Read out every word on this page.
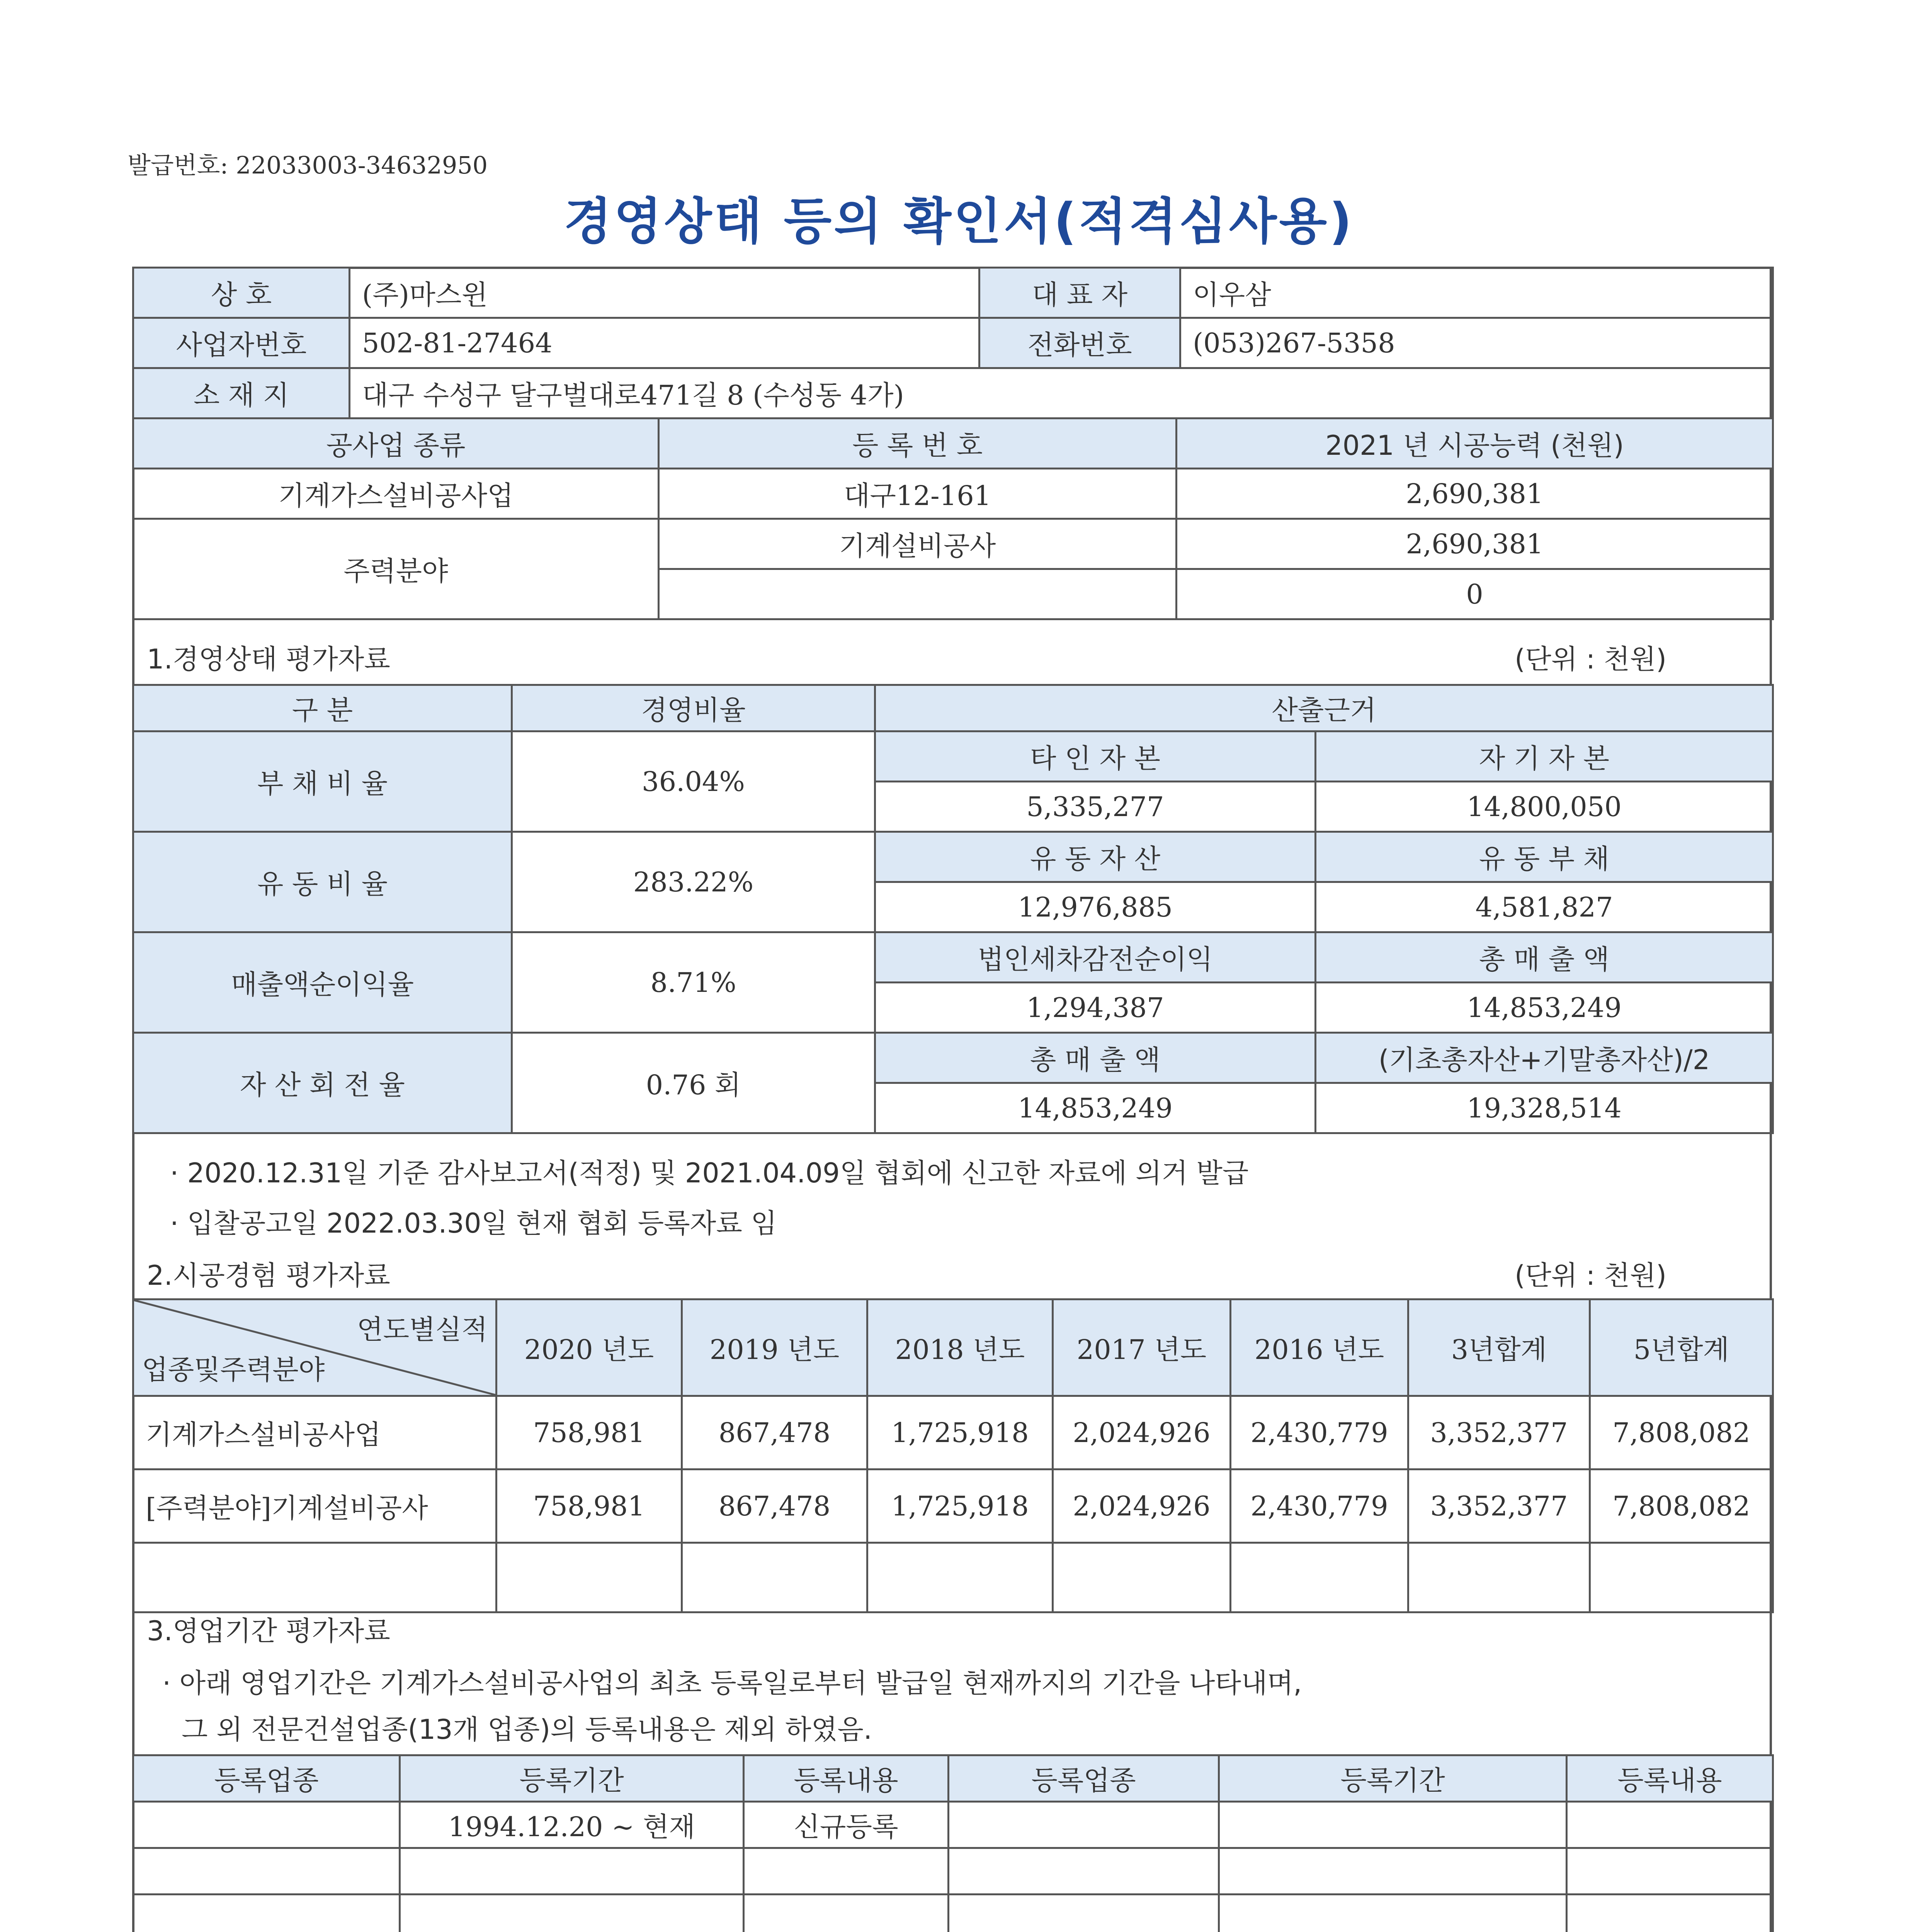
발급번호: 22033003-34632950
경영상태 등의 확인서(적격심사용)
상 호	(주)마스윈	대 표 자	이우삼
사업자번호	502-81-27464	전화번호	(053)267-5358
소 재 지	대구 수성구 달구벌대로471길 8 (수성동 4가)		
공사업 종류	등 록 번 호	2021 년 시공능력 (천원)
기계가스설비공사업	대구12-161	2,690,381
주력분야	기계설비공사	2,690,381
		0
1.경영상태 평가자료	(단위 : 천원)
구 분	경영비율	산출근거	
부 채 비 율	36.04%	타 인 자 본	자 기 자 본
		5,335,277	14,800,050
유 동 비 율	283.22%	유 동 자 산	유 동 부 채
		12,976,885	4,581,827
매출액순이익율	8.71%	법인세차감전순이익	총 매 출 액
		1,294,387	14,853,249
자 산 회 전 율	0.76 회	총 매 출 액	(기초총자산+기말총자산)/2
		14,853,249	19,328,514
· 2020.12.31일 기준 감사보고서(적정) 및 2021.04.09일 협회에 신고한 자료에 의거 발급
· 입찰공고일 2022.03.30일 현재 협회 등록자료 임
2.시공경험 평가자료	(단위 : 천원)
연도별실적
업종및주력분야	2020 년도	2019 년도	2018 년도	2017 년도	2016 년도	3년합계	5년합계
기계가스설비공사업	758,981	867,478	1,725,918	2,024,926	2,430,779	3,352,377	7,808,082
[주력분야]기계설비공사	758,981	867,478	1,725,918	2,024,926	2,430,779	3,352,377	7,808,082

3.영업기간 평가자료
· 아래 영업기간은 기계가스설비공사업의 최초 등록일로부터 발급일 현재까지의 기간을 나타내며,
그 외 전문건설업종(13개 업종)의 등록내용은 제외 하였음.
등록업종	등록기간	등록내용	등록업종	등록기간	등록내용
	1994.12.20 ~ 현재	신규등록			
